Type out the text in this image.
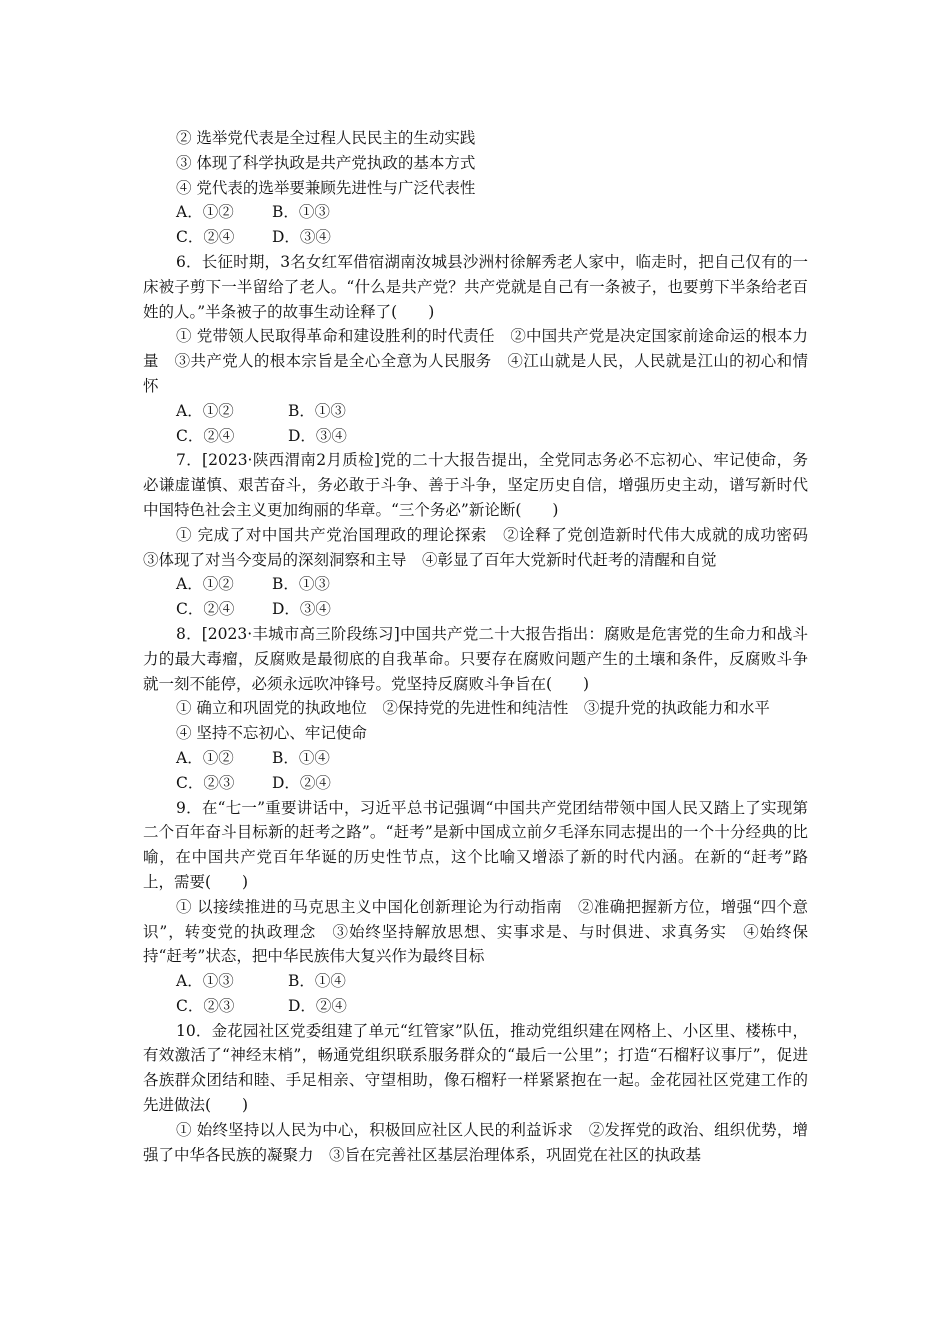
② 选举党代表是全过程人民民主的生动实践

③ 体现了科学执政是共产党执政的基本方式

④ 党代表的选举要兼顾先进性与广泛代表性

A．①② B．①③
C．②④ D．③④

6．长征时期，3名女红军借宿湖南汝城县沙洲村徐解秀老人家中，临走时，把自己仅有的一床被子剪下一半留给了老人。“什么是共产党？共产党就是自己有一条被子，也要剪下半条给老百姓的人。”半条被子的故事生动诠释了(　　)

① 党带领人民取得革命和建设胜利的时代责任　②中国共产党是决定国家前途命运的根本力量　③共产党人的根本宗旨是全心全意为人民服务　④江山就是人民，人民就是江山的初心和情怀

A．①②	B．①③
C．②④	D．③④

7．[2023·陕西渭南2月质检]党的二十大报告提出，全党同志务必不忘初心、牢记使命，务必谦虚谨慎、艰苦奋斗，务必敢于斗争、善于斗争，坚定历史自信，增强历史主动，谱写新时代中国特色社会主义更加绚丽的华章。“三个务必”新论断(　　)

① 完成了对中国共产党治国理政的理论探索　②诠释了党创造新时代伟大成就的成功密码　③体现了对当今变局的深刻洞察和主导　④彰显了百年大党新时代赶考的清醒和自觉

A．①② B．①③
C．②④ D．③④

8．[2023·丰城市高三阶段练习]中国共产党二十大报告指出：腐败是危害党的生命力和战斗力的最大毒瘤，反腐败是最彻底的自我革命。只要存在腐败问题产生的土壤和条件，反腐败斗争就一刻不能停，必须永远吹冲锋号。党坚持反腐败斗争旨在(　　)

① 确立和巩固党的执政地位　②保持党的先进性和纯洁性　③提升党的执政能力和水平

④ 坚持不忘初心、牢记使命

A．①② B．①④
C．②③ D．②④

9．在“七一”重要讲话中，习近平总书记强调“中国共产党团结带领中国人民又踏上了实现第二个百年奋斗目标新的赶考之路”。“赶考”是新中国成立前夕毛泽东同志提出的一个十分经典的比喻，在中国共产党百年华诞的历史性节点，这个比喻又增添了新的时代内涵。在新的“赶考”路上，需要(　　)

① 以接续推进的马克思主义中国化创新理论为行动指南　②准确把握新方位，增强“四个意识”，转变党的执政理念　③始终坚持解放思想、实事求是、与时俱进、求真务实　④始终保持“赶考”状态，把中华民族伟大复兴作为最终目标

A．①③	B．①④
C．②③	D．②④

10．金花园社区党委组建了单元“红管家”队伍，推动党组织建在网格上、小区里、楼栋中，有效激活了“神经末梢”，畅通党组织联系服务群众的“最后一公里”；打造“石榴籽议事厅”，促进各族群众团结和睦、手足相亲、守望相助，像石榴籽一样紧紧抱在一起。金花园社区党建工作的先进做法(　　)

① 始终坚持以人民为中心，积极回应社区人民的利益诉求　②发挥党的政治、组织优势，增强了中华各民族的凝聚力　③旨在完善社区基层治理体系，巩固党在社区的执政基
